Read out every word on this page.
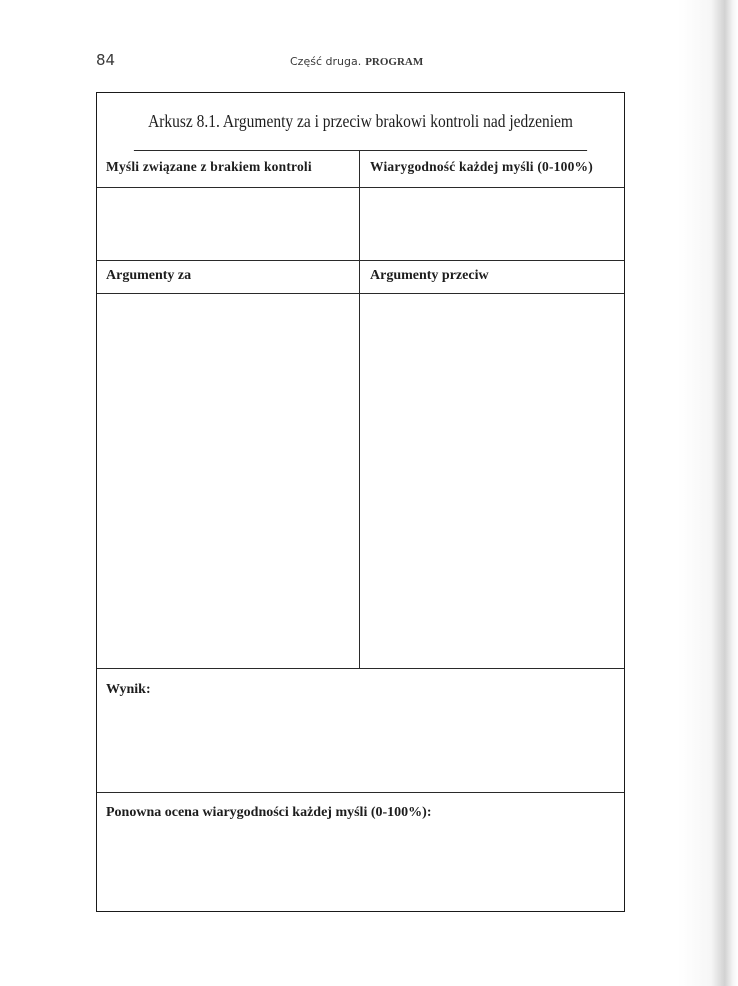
84	Część druga. PROGRAM
Arkusz 8.1. Argumenty za i przeciw brakowi kontroli nad jedzeniem
Myśli związane z brakiem kontroli	Wiarygodność każdej myśli (0-100%)
Argumenty za	Argumenty przeciw
Wynik:
Ponowna ocena wiarygodności każdej myśli (0-100%):
